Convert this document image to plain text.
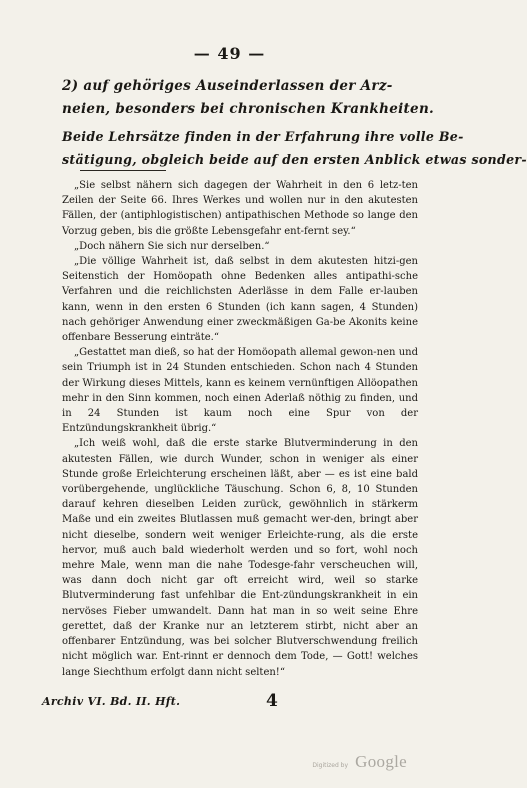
— 49 —
2) auf gehöriges Auseinderlassen der Arz-
neien, besonders bei chronischen Krankheiten.
Beide Lehrsätze finden in der Erfahrung ihre volle Be-
stätigung, obgleich beide auf den ersten Anblick etwas sonder-

„Sie selbst nähern sich dagegen der Wahrheit in den 6 letz-ten Zeilen der Seite 66. Ihres Werkes und wollen nur in den akutesten Fällen, der (antiphlogistischen) antipathischen Methode so lange den Vorzug geben, bis die größte Lebensgefahr ent-fernt sey.“

„Doch nähern Sie sich nur derselben.“

„Die völlige Wahrheit ist, daß selbst in dem akutesten hitzi-gen Seitenstich der Homöopath ohne Bedenken alles antipathi-sche Verfahren und die reichlichsten Aderlässe in dem Falle er-lauben kann, wenn in den ersten 6 Stunden (ich kann sagen, 4 Stunden) nach gehöriger Anwendung einer zweckmäßigen Ga-be Akonits keine offenbare Besserung einträte.“

„Gestattet man dieß, so hat der Homöopath allemal gewon-nen und sein Triumph ist in 24 Stunden entschieden. Schon nach 4 Stunden der Wirkung dieses Mittels, kann es keinem vernünftigen Allöopathen mehr in den Sinn kommen, noch einen Aderlaß nöthig zu finden, und in 24 Stunden ist kaum noch eine Spur von der Entzündungskrankheit übrig.“

„Ich weiß wohl, daß die erste starke Blutverminderung in den akutesten Fällen, wie durch Wunder, schon in weniger als einer Stunde große Erleichterung erscheinen läßt, aber — es ist eine bald vorübergehende, unglückliche Täuschung. Schon 6, 8, 10 Stunden darauf kehren dieselben Leiden zurück, gewöhnlich in stärkerm Maße und ein zweites Blutlassen muß gemacht wer-den, bringt aber nicht dieselbe, sondern weit weniger Erleichte-rung, als die erste hervor, muß auch bald wiederholt werden und so fort, wohl noch mehre Male, wenn man die nahe Todesge-fahr verscheuchen will, was dann doch nicht gar oft erreicht wird, weil so starke Blutverminderung fast unfehlbar die Ent-zündungskrankheit in ein nervöses Fieber umwandelt. Dann hat man in so weit seine Ehre gerettet, daß der Kranke nur an letzterem stirbt, nicht aber an offenbarer Entzündung, was bei solcher Blutverschwendung freilich nicht möglich war. Ent-rinnt er dennoch dem Tode, — Gott! welches lange Siechthum erfolgt dann nicht selten!“

Archiv VI. Bd. II. Hft.	4
Digitized by Google
